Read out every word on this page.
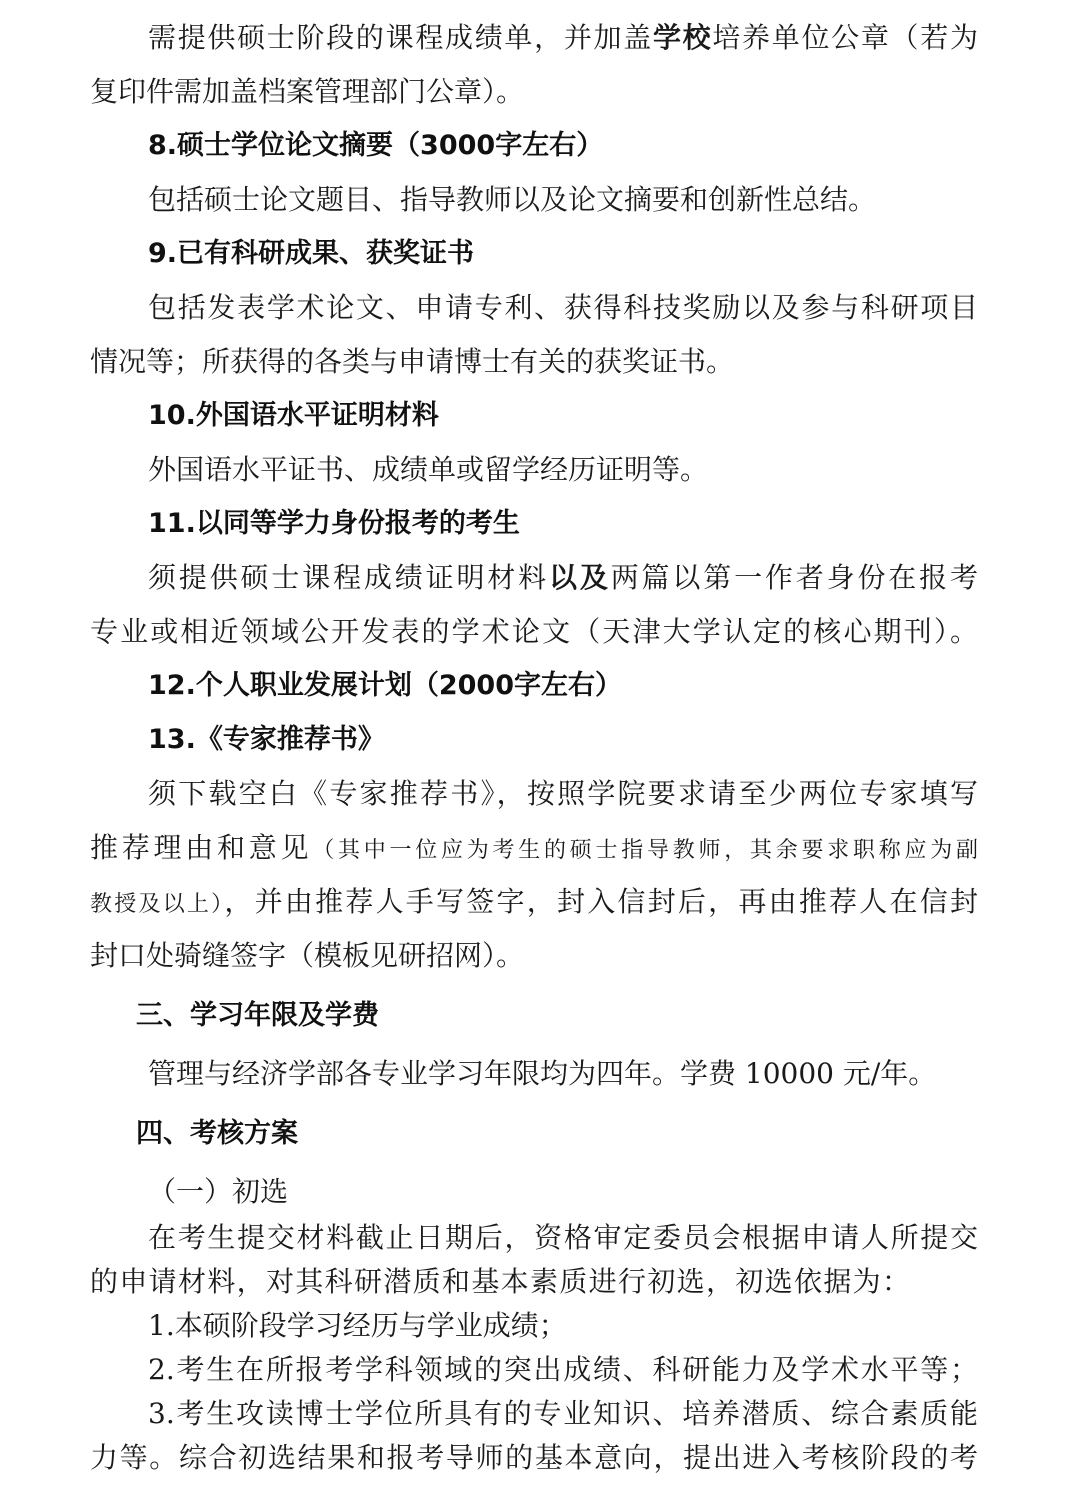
需提供硕士阶段的课程成绩单，并加盖学校培养单位公章（若为
复印件需加盖档案管理部门公章）。
8.硕士学位论文摘要（3000字左右）
包括硕士论文题目、指导教师以及论文摘要和创新性总结。
9.已有科研成果、获奖证书
包括发表学术论文、申请专利、获得科技奖励以及参与科研项目
情况等；所获得的各类与申请博士有关的获奖证书。
10.外国语水平证明材料
外国语水平证书、成绩单或留学经历证明等。
11.以同等学力身份报考的考生
须提供硕士课程成绩证明材料以及两篇以第一作者身份在报考
专业或相近领域公开发表的学术论文（天津大学认定的核心期刊）。
12.个人职业发展计划（2000字左右）
13.《专家推荐书》
须下载空白《专家推荐书》，按照学院要求请至少两位专家填写
推荐理由和意见（其中一位应为考生的硕士指导教师，其余要求职称应为副
教授及以上），并由推荐人手写签字，封入信封后，再由推荐人在信封
封口处骑缝签字（模板见研招网）。
三、学习年限及学费
管理与经济学部各专业学习年限均为四年。学费 10000 元/年。
四、考核方案
（一）初选
在考生提交材料截止日期后，资格审定委员会根据申请人所提交
的申请材料，对其科研潜质和基本素质进行初选，初选依据为：
1.本硕阶段学习经历与学业成绩；
2.考生在所报考学科领域的突出成绩、科研能力及学术水平等；
3.考生攻读博士学位所具有的专业知识、培养潜质、综合素质能
力等。综合初选结果和报考导师的基本意向，提出进入考核阶段的考
